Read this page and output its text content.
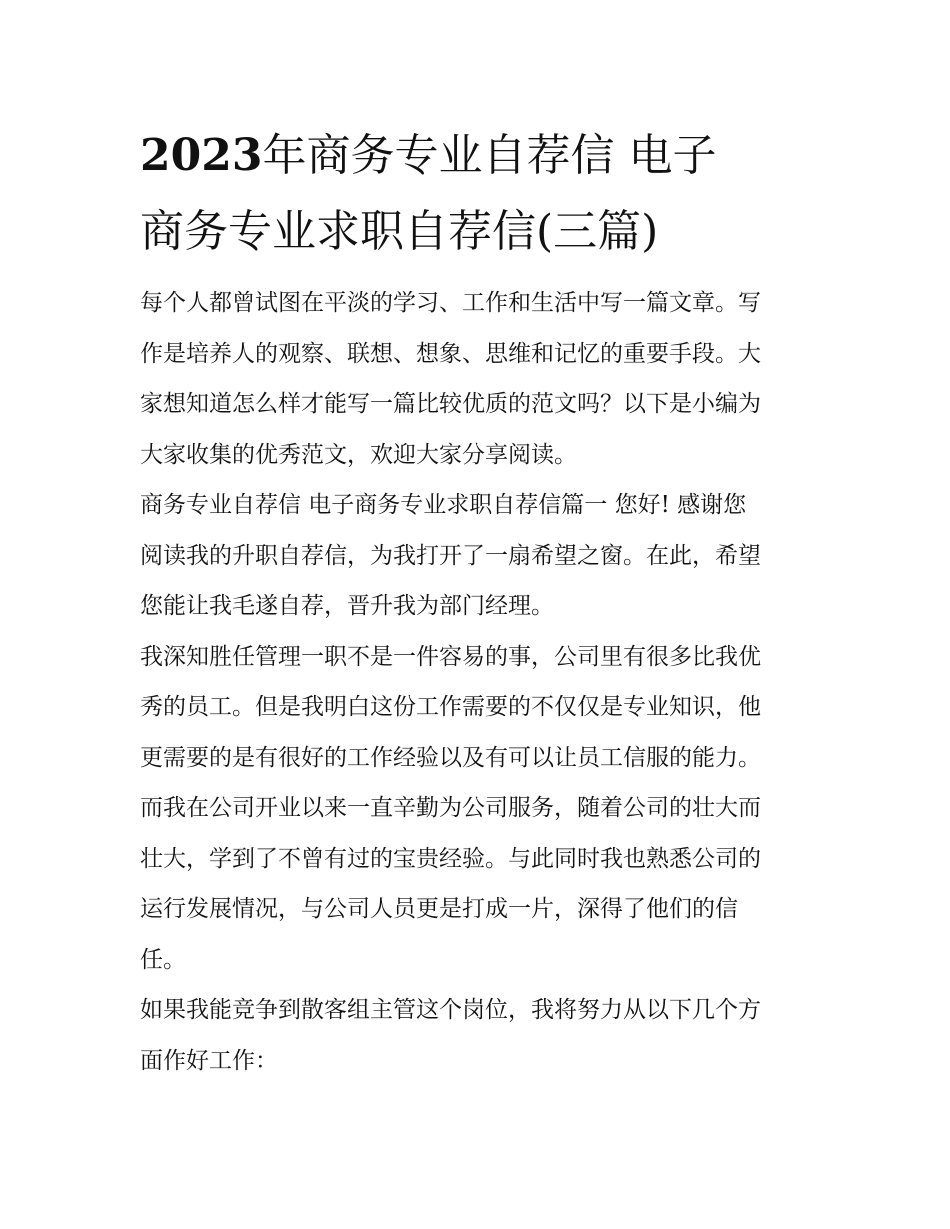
2023年商务专业自荐信 电子
商务专业求职自荐信(三篇)

每个人都曾试图在平淡的学习、工作和生活中写一篇文章。写
作是培养人的观察、联想、想象、思维和记忆的重要手段。大
家想知道怎么样才能写一篇比较优质的范文吗？以下是小编为
大家收集的优秀范文，欢迎大家分享阅读。

商务专业自荐信 电子商务专业求职自荐信篇一 您好! 感谢您
阅读我的升职自荐信，为我打开了一扇希望之窗。在此，希望
您能让我毛遂自荐，晋升我为部门经理。

我深知胜任管理一职不是一件容易的事，公司里有很多比我优
秀的员工。但是我明白这份工作需要的不仅仅是专业知识，他
更需要的是有很好的工作经验以及有可以让员工信服的能力。
而我在公司开业以来一直辛勤为公司服务，随着公司的壮大而
壮大，学到了不曾有过的宝贵经验。与此同时我也熟悉公司的
运行发展情况，与公司人员更是打成一片，深得了他们的信
任。

如果我能竞争到散客组主管这个岗位，我将努力从以下几个方
面作好工作：
